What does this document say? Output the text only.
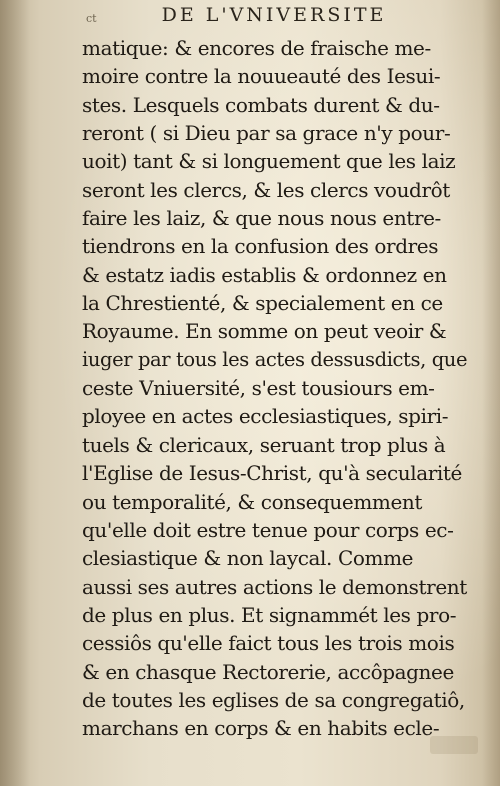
ct	DE L'VNIVERSITE
matique: & encores de fraische me-
moire contre la nouueauté des Iesui-
stes. Lesquels combats durent & du-
reront ( si Dieu par sa grace n'y pour-
uoit) tant & si longuement que les laiz
seront les clercs, & les clercs voudrôt
faire les laiz, & que nous nous entre-
tiendrons en la confusion des ordres
& estatz iadis establis & ordonnez en
la Chrestienté, & specialement en ce
Royaume. En somme on peut veoir &
iuger par tous les actes dessusdicts, que
ceste Vniuersité, s'est tousiours em-
ployee en actes ecclesiastiques, spiri-
tuels & clericaux, seruant trop plus à
l'Eglise de Iesus-Christ, qu'à secularité
ou temporalité, & consequemment
qu'elle doit estre tenue pour corps ec-
clesiastique & non laycal. Comme
aussi ses autres actions le demonstrent
de plus en plus. Et signammét les pro-
cessiôs qu'elle faict tous les trois mois
& en chasque Rectorerie, accôpagnee
de toutes les eglises de sa congregatiô,
marchans en corps & en habits ecle-
